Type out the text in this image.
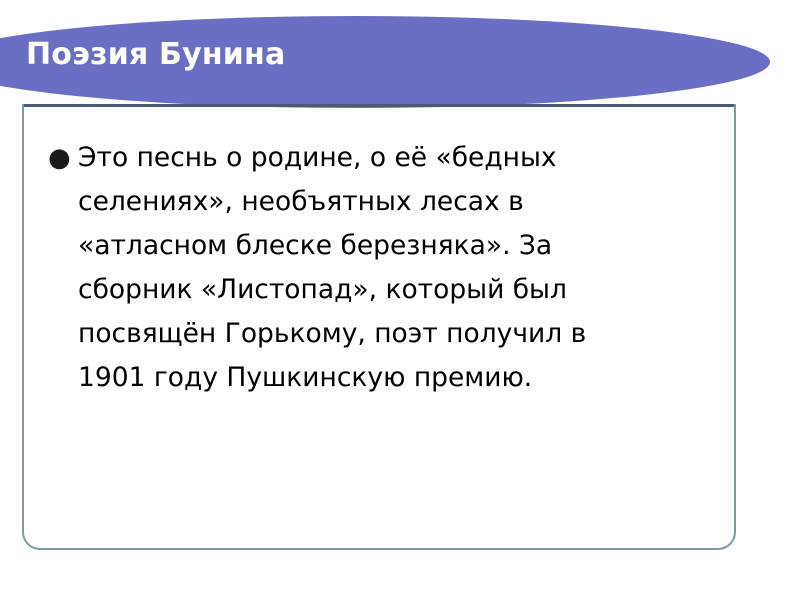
Поэзия Бунина
● Это песнь о родине, о её «бедных селениях», необъятных лесах в «атласном блеске березняка». За сборник «Листопад», который был посвящён Горькому, поэт получил в 1901 году Пушкинскую премию.
